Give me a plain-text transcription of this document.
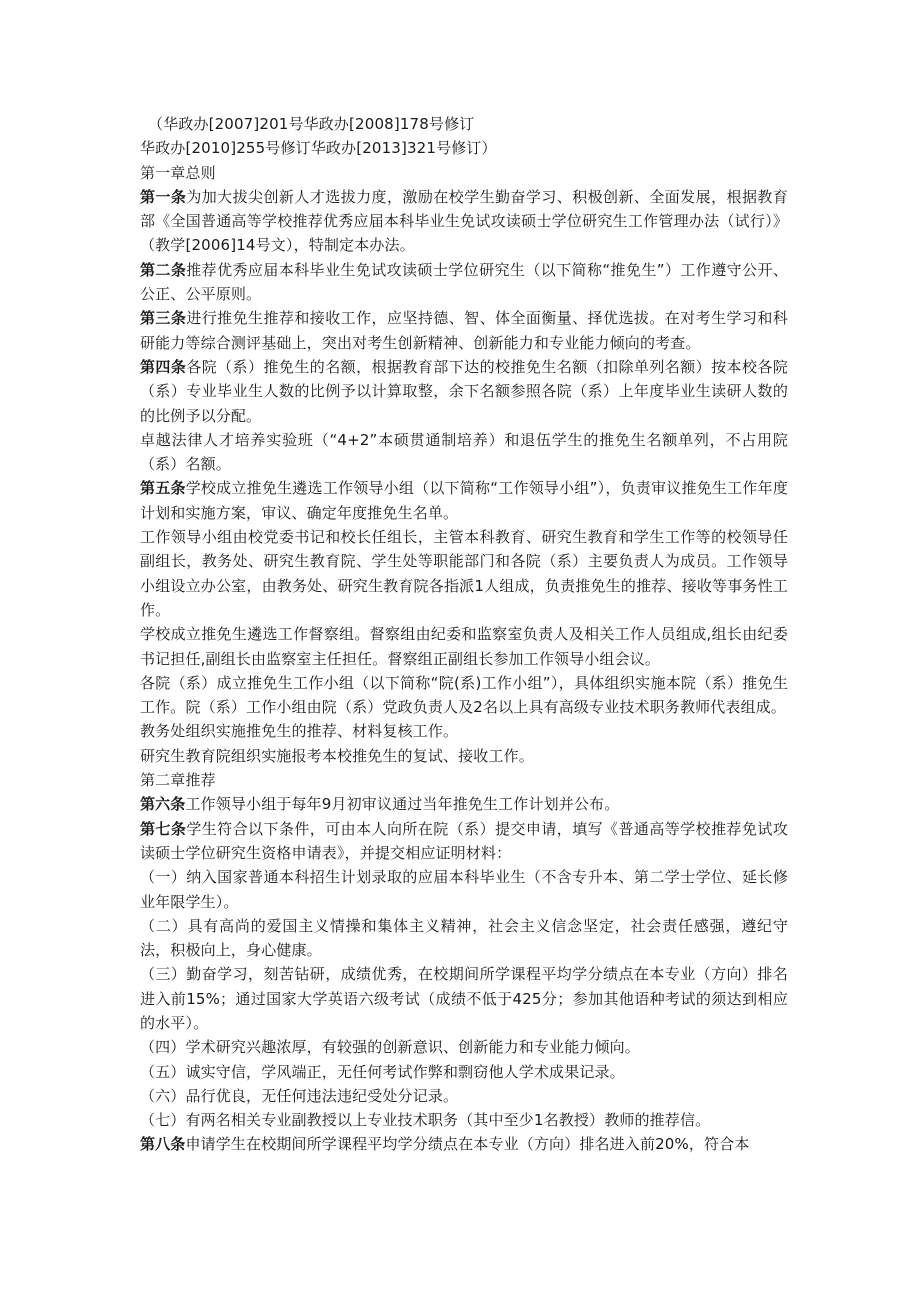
（华政办[2007]201号华政办[2008]178号修订

华政办[2010]255号修订华政办[2013]321号修订）

第一章总则

第一条为加大拔尖创新人才选拔力度，激励在校学生勤奋学习、积极创新、全面发展，根据教育部《全国普通高等学校推荐优秀应届本科毕业生免试攻读硕士学位研究生工作管理办法（试行）》（教学[2006]14号文），特制定本办法。

第二条推荐优秀应届本科毕业生免试攻读硕士学位研究生（以下简称“推免生”）工作遵守公开、公正、公平原则。

第三条进行推免生推荐和接收工作，应坚持德、智、体全面衡量、择优选拔。在对考生学习和科研能力等综合测评基础上，突出对考生创新精神、创新能力和专业能力倾向的考查。

第四条各院（系）推免生的名额，根据教育部下达的校推免生名额（扣除单列名额）按本校各院（系）专业毕业生人数的比例予以计算取整，余下名额参照各院（系）上年度毕业生读研人数的的比例予以分配。

卓越法律人才培养实验班（“4+2”本硕贯通制培养）和退伍学生的推免生名额单列，不占用院（系）名额。

第五条学校成立推免生遴选工作领导小组（以下简称“工作领导小组”），负责审议推免生工作年度计划和实施方案，审议、确定年度推免生名单。

工作领导小组由校党委书记和校长任组长，主管本科教育、研究生教育和学生工作等的校领导任副组长，教务处、研究生教育院、学生处等职能部门和各院（系）主要负责人为成员。工作领导小组设立办公室，由教务处、研究生教育院各指派1人组成，负责推免生的推荐、接收等事务性工作。

学校成立推免生遴选工作督察组。督察组由纪委和监察室负责人及相关工作人员组成,组长由纪委书记担任,副组长由监察室主任担任。督察组正副组长参加工作领导小组会议。

各院（系）成立推免生工作小组（以下简称“院(系)工作小组”），具体组织实施本院（系）推免生工作。院（系）工作小组由院（系）党政负责人及2名以上具有高级专业技术职务教师代表组成。

教务处组织实施推免生的推荐、材料复核工作。

研究生教育院组织实施报考本校推免生的复试、接收工作。

第二章推荐

第六条工作领导小组于每年9月初审议通过当年推免生工作计划并公布。

第七条学生符合以下条件，可由本人向所在院（系）提交申请，填写《普通高等学校推荐免试攻读硕士学位研究生资格申请表》，并提交相应证明材料：

（一）纳入国家普通本科招生计划录取的应届本科毕业生（不含专升本、第二学士学位、延长修业年限学生）。

（二）具有高尚的爱国主义情操和集体主义精神，社会主义信念坚定，社会责任感强，遵纪守法，积极向上，身心健康。

（三）勤奋学习，刻苦钻研，成绩优秀，在校期间所学课程平均学分绩点在本专业（方向）排名进入前15%；通过国家大学英语六级考试（成绩不低于425分；参加其他语种考试的须达到相应的水平）。

（四）学术研究兴趣浓厚，有较强的创新意识、创新能力和专业能力倾向。

（五）诚实守信，学风端正，无任何考试作弊和剽窃他人学术成果记录。

（六）品行优良，无任何违法违纪受处分记录。

（七）有两名相关专业副教授以上专业技术职务（其中至少1名教授）教师的推荐信。

第八条申请学生在校期间所学课程平均学分绩点在本专业（方向）排名进入前20%，符合本
